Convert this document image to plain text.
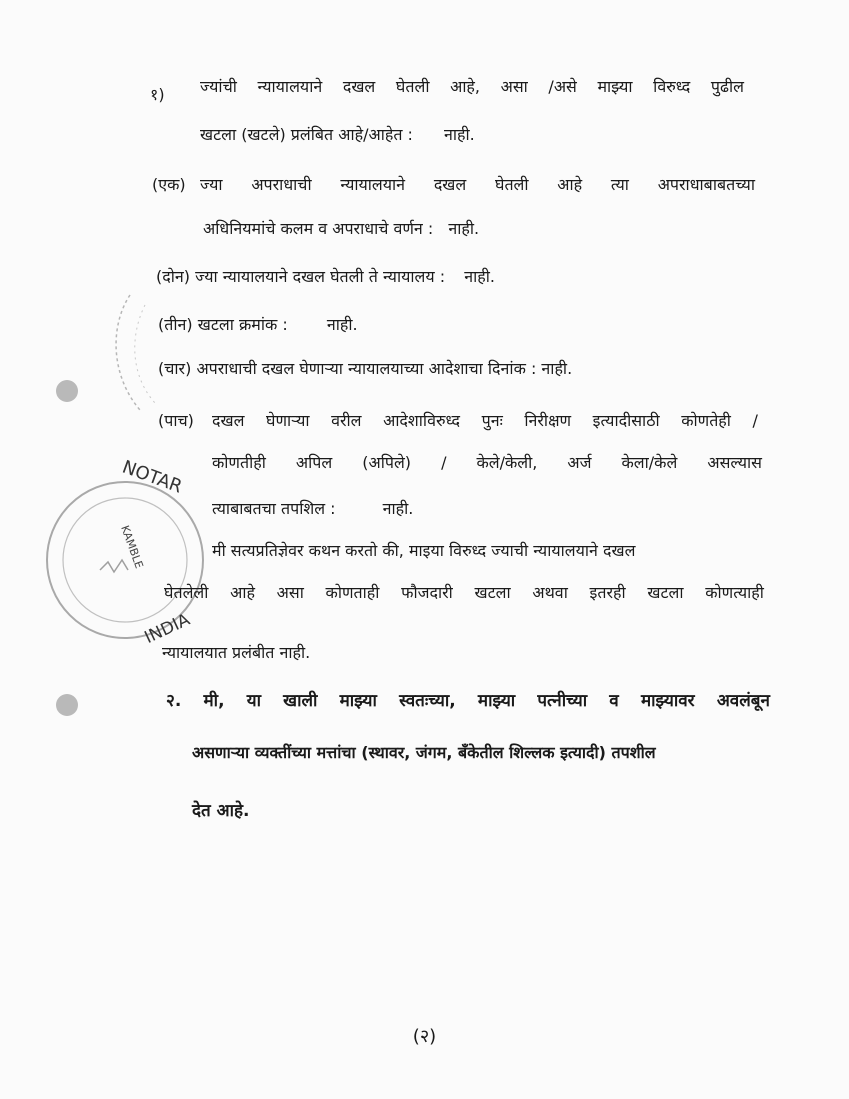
NOTAR
KAMBLE
INDIA
१) ज्यांची न्यायालयाने दखल घेतली आहे, असा /असे माझ्या विरुध्द पुढील
खटला (खटले) प्रलंबित आहे/आहेत : नाही.
(एक) ज्या अपराधाची न्यायालयाने दखल घेतली आहे त्या अपराधाबाबतच्या
अधिनियमांचे कलम व अपराधाचे वर्णन : नाही.
(दोन) ज्या न्यायालयाने दखल घेतली ते न्यायालय : नाही.
(तीन) खटला क्रमांक : नाही.
(चार) अपराधाची दखल घेणाऱ्या न्यायालयाच्या आदेशाचा दिनांक : नाही.
(पाच) दखल घेणाऱ्या वरील आदेशाविरुध्द पुनः निरीक्षण इत्यादीसाठी कोणतेही /
कोणतीही अपिल (अपिले) / केले/केली, अर्ज केला/केले असल्यास
त्याबाबतचा तपशिल :	नाही.
मी सत्यप्रतिज्ञेवर कथन करतो की, माइया विरुध्द ज्याची न्यायालयाने दखल
घेतलेली आहे असा कोणताही फौजदारी खटला अथवा इतरही खटला कोणत्याही
न्यायालयात प्रलंबीत नाही.
२. मी, या खाली माझ्या स्वतःच्या, माझ्या पत्नीच्या व माझ्यावर अवलंबून
असणाऱ्या व्यक्तींच्या मत्तांचा (स्थावर, जंगम, बँकेतील शिल्लक इत्यादी) तपशील
देत आहे.
(२)
